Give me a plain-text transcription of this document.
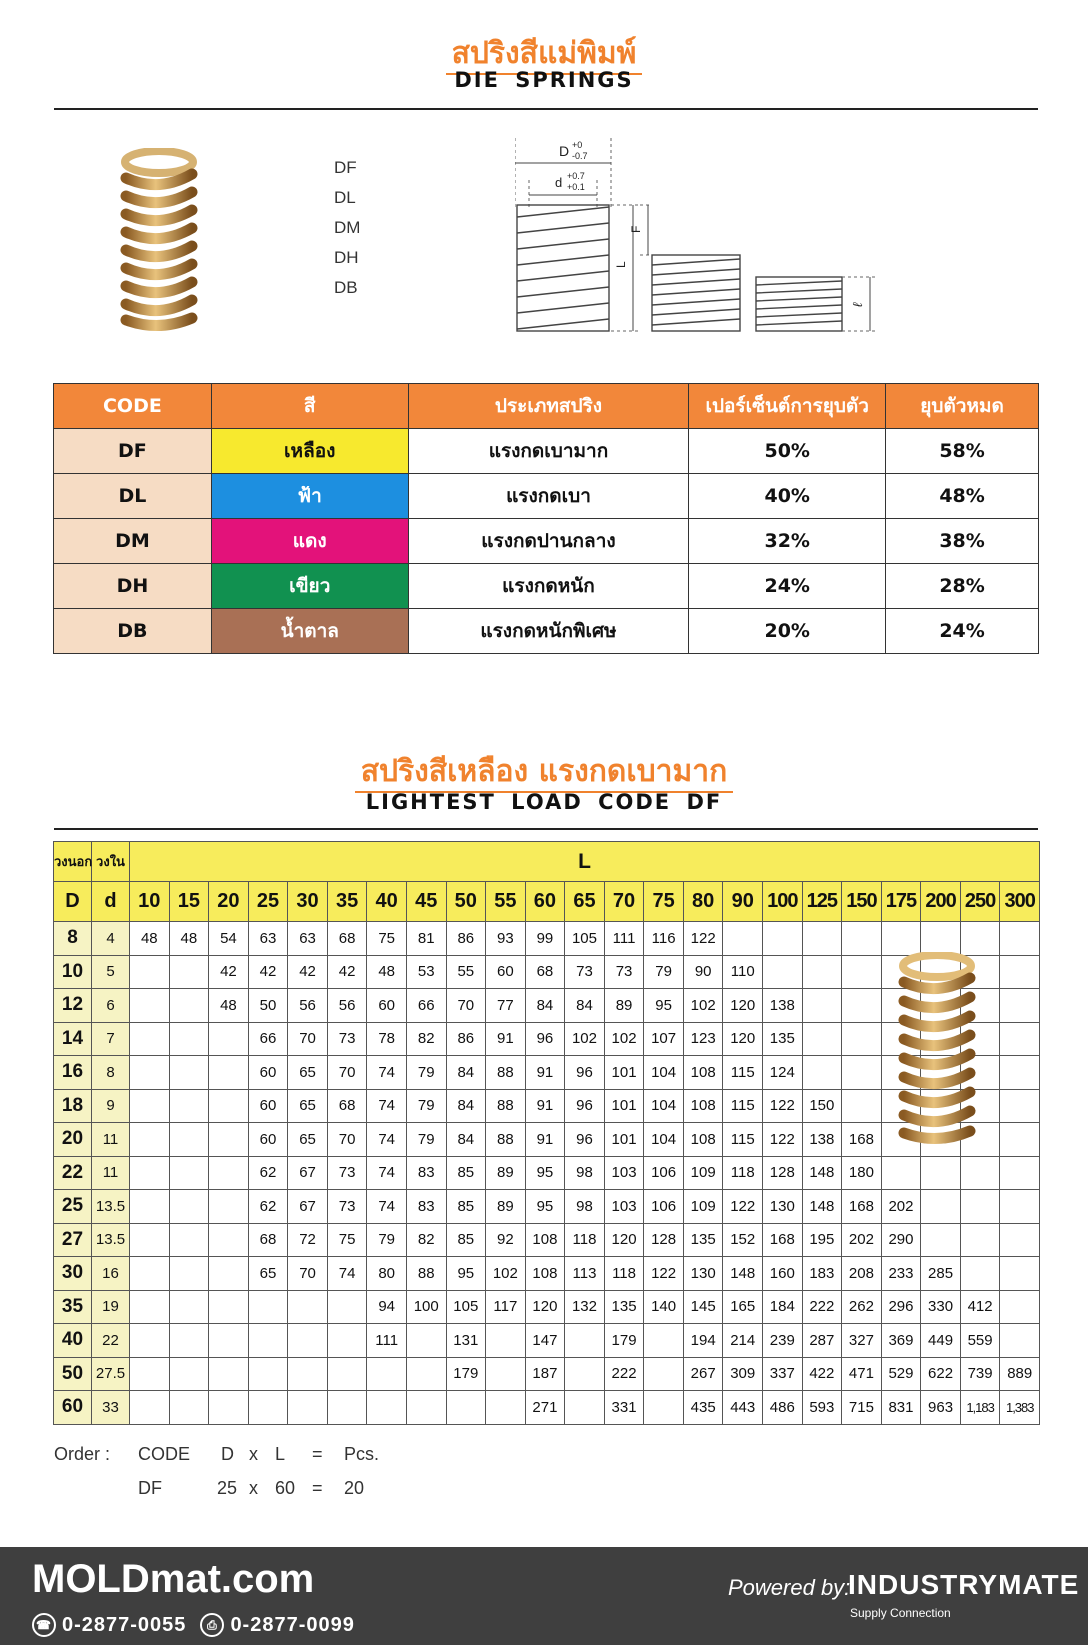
สปริงสีแม่พิมพ์
DIE SPRINGS
DF
DL
DM
DH
DB
D +0
-0.7
d +0.7
+0.1
L
F
ℓ
CODE	สี	ประเภทสปริง	เปอร์เซ็นต์การยุบตัว	ยุบตัวหมด
DF	เหลือง	แรงกดเบามาก	50%	58%
DL	ฟ้า	แรงกดเบา	40%	48%
DM	แดง	แรงกดปานกลาง	32%	38%
DH	เขียว	แรงกดหนัก	24%	28%
DB	น้ำตาล	แรงกดหนักพิเศษ	20%	24%
สปริงสีเหลือง แรงกดเบามาก
LIGHTEST LOAD CODE DF
วงนอก	วงใน	L																						
D	d	10	15	20	25	30	35	40	45	50	55	60	65	70	75	80	90	100	125	150	175	200	250	300
8	4	48	48	54	63	63	68	75	81	86	93	99	105	111	116	122								
10	5			42	42	42	42	48	53	55	60	68	73	73	79	90	110							
12	6			48	50	56	56	60	66	70	77	84	84	89	95	102	120	138						
14	7				66	70	73	78	82	86	91	96	102	102	107	123	120	135						
16	8				60	65	70	74	79	84	88	91	96	101	104	108	115	124						
18	9				60	65	68	74	79	84	88	91	96	101	104	108	115	122	150					
20	11				60	65	70	74	79	84	88	91	96	101	104	108	115	122	138	168				
22	11				62	67	73	74	83	85	89	95	98	103	106	109	118	128	148	180				
25	13.5				62	67	73	74	83	85	89	95	98	103	106	109	122	130	148	168	202			
27	13.5				68	72	75	79	82	85	92	108	118	120	128	135	152	168	195	202	290			
30	16				65	70	74	80	88	95	102	108	113	118	122	130	148	160	183	208	233	285		
35	19							94	100	105	117	120	132	135	140	145	165	184	222	262	296	330	412	
40	22							111		131		147		179		194	214	239	287	327	369	449	559	
50	27.5									179		187		222		267	309	337	422	471	529	622	739	889
60	33											271		331		435	443	486	593	715	831	963	1,183	1,383
Order :	CODE	D x L	=	Pcs.
DF	25 x 60 =	20
MOLDmat.com
☎ 0-2877-0055	⎙ 0-2877-0099
Powered by:
INDUSTRYMATE
Supply Connection
